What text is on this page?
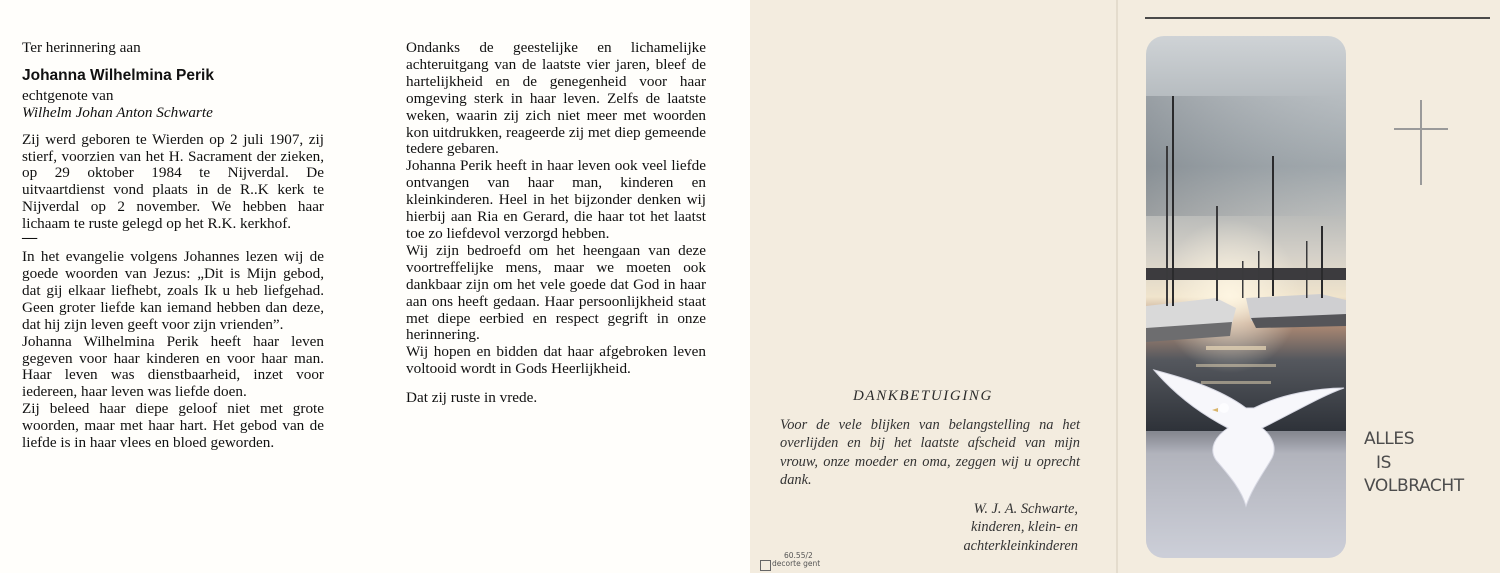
Ter herinnering aan

Johanna Wilhelmina Perik

echtgenote van

Wilhelm Johan Anton Schwarte

Zij werd geboren te Wierden op 2 juli 1907, zij stierf, voorzien van het H. Sacrament der zieken, op 29 oktober 1984 te Nijverdal. De uitvaartdienst vond plaats in de R..K kerk te Nijverdal op 2 november. We hebben haar lichaam te ruste gelegd op het R.K. kerkhof.

—

In het evangelie volgens Johannes lezen wij de goede woorden van Jezus: „Dit is Mijn gebod, dat gij elkaar liefhebt, zoals Ik u heb liefgehad. Geen groter liefde kan iemand hebben dan deze, dat hij zijn leven geeft voor zijn vrienden”.

Johanna Wilhelmina Perik heeft haar leven gegeven voor haar kinderen en voor haar man. Haar leven was dienstbaarheid, inzet voor iedereen, haar leven was liefde doen.

Zij beleed haar diepe geloof niet met grote woorden, maar met haar hart. Het gebod van de liefde is in haar vlees en bloed geworden.

Ondanks de geestelijke en lichamelijke achteruitgang van de laatste vier jaren, bleef de hartelijkheid en de genegenheid voor haar omgeving sterk in haar leven. Zelfs de laatste weken, waarin zij zich niet meer met woorden kon uitdrukken, reageerde zij met diep gemeende tedere gebaren.

Johanna Perik heeft in haar leven ook veel liefde ontvangen van haar man, kinderen en kleinkinderen. Heel in het bijzonder denken wij hierbij aan Ria en Gerard, die haar tot het laatst toe zo liefdevol verzorgd hebben.

Wij zijn bedroefd om het heengaan van deze voortreffelijke mens, maar we moeten ook dankbaar zijn om het vele goede dat God in haar aan ons heeft gedaan. Haar persoonlijkheid staat met diepe eerbied en respect gegrift in onze herinnering.

Wij hopen en bidden dat haar afgebroken leven voltooid wordt in Gods Heerlijkheid.

Dat zij ruste in vrede.	DANKBETUIGING
Voor de vele blijken van belangstelling na het overlijden en bij het laatste afscheid van mijn vrouw, onze moeder en oma, zeggen wij u oprecht dank.
W. J. A. Schwarte,
kinderen, klein- en
achterkleinkinderen
60.55/2
decorte gent
ALLES
IS
VOLBRACHT
